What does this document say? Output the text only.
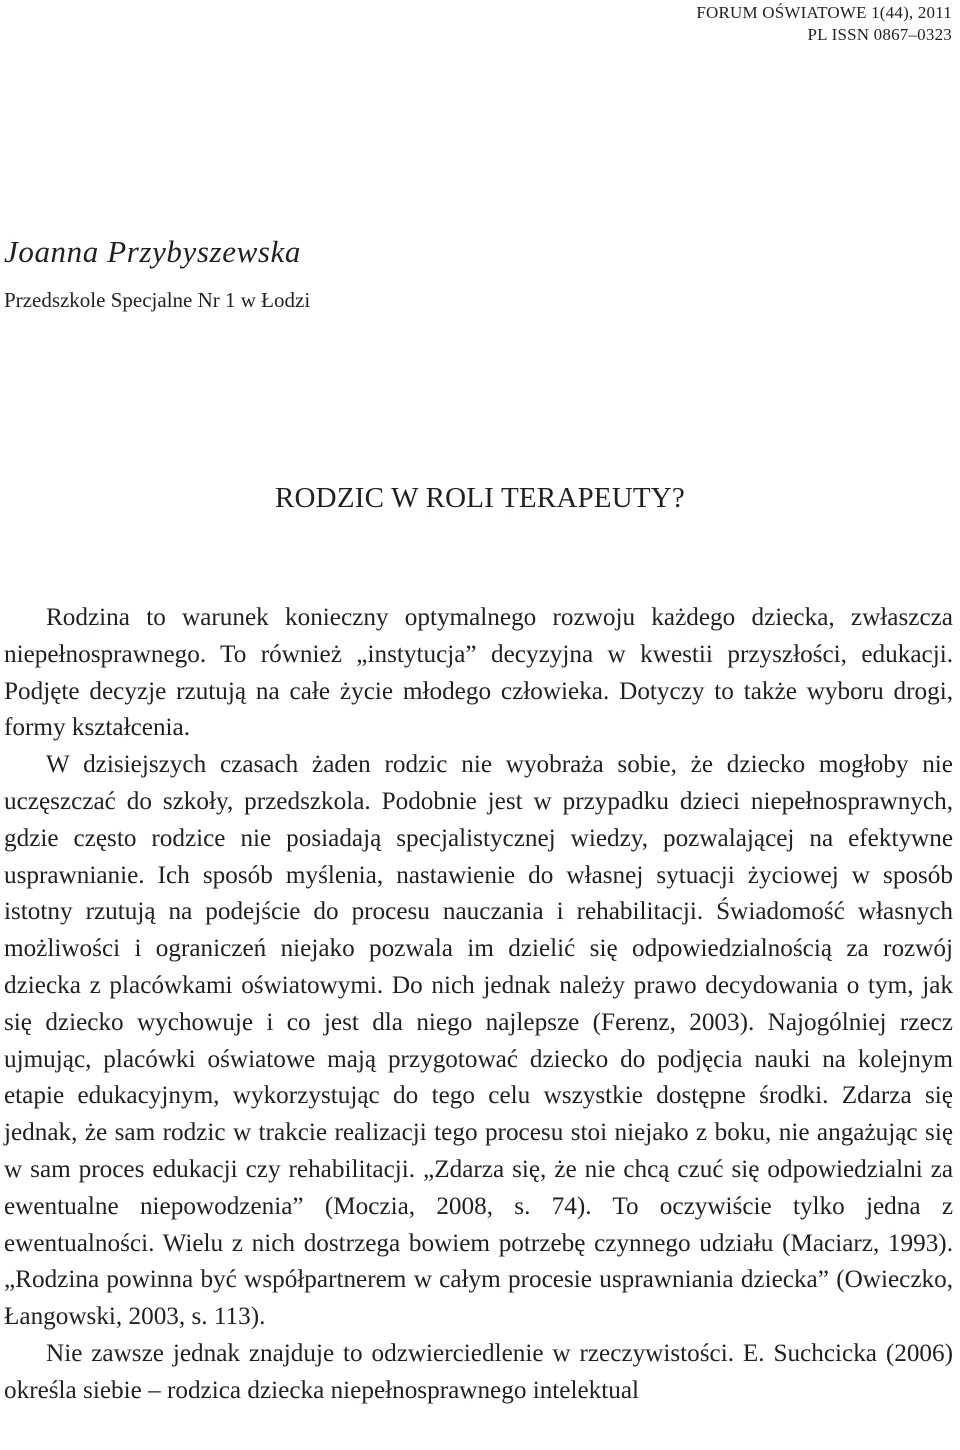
FORUM OŚWIATOWE 1(44), 2011
PL ISSN 0867–0323
Joanna Przybyszewska
Przedszkole Specjalne Nr 1 w Łodzi
RODZIC W ROLI TERAPEUTY?

Rodzina to warunek konieczny optymalnego rozwoju każdego dziecka, zwłaszcza niepełnosprawnego. To również „instytucja” decyzyjna w kwestii przyszłości, edukacji. Podjęte decyzje rzutują na całe życie młodego człowieka. Dotyczy to także wyboru drogi, formy kształcenia.

W dzisiejszych czasach żaden rodzic nie wyobraża sobie, że dziecko mogłoby nie uczęszczać do szkoły, przedszkola. Podobnie jest w przypadku dzieci niepełnosprawnych, gdzie często rodzice nie posiadają specjalistycznej wiedzy, pozwalającej na efektywne usprawnianie. Ich sposób myślenia, nastawienie do własnej sytuacji życiowej w sposób istotny rzutują na podejście do procesu nauczania i rehabilitacji. Świadomość własnych możliwości i ograniczeń niejako pozwala im dzielić się odpowiedzialnością za rozwój dziecka z placówkami oświatowymi. Do nich jednak należy prawo decydowania o tym, jak się dziecko wychowuje i co jest dla niego najlepsze (Ferenz, 2003). Najogólniej rzecz ujmując, placówki oświatowe mają przygotować dziecko do podjęcia nauki na kolejnym etapie edukacyjnym, wykorzystując do tego celu wszystkie dostępne środki. Zdarza się jednak, że sam rodzic w trakcie realizacji tego procesu stoi niejako z boku, nie angażując się w sam proces edukacji czy rehabilitacji. „Zdarza się, że nie chcą czuć się odpowiedzialni za ewentualne niepowodzenia” (Moczia, 2008, s. 74). To oczywiście tylko jedna z ewentualności. Wielu z nich dostrzega bowiem potrzebę czynnego udziału (Maciarz, 1993). „Rodzina powinna być współpartnerem w całym procesie usprawniania dziecka” (Owieczko, Łangowski, 2003, s. 113).

Nie zawsze jednak znajduje to odzwierciedlenie w rzeczywistości. E. Suchcicka (2006) określa siebie – rodzica dziecka niepełnosprawnego intelektual
